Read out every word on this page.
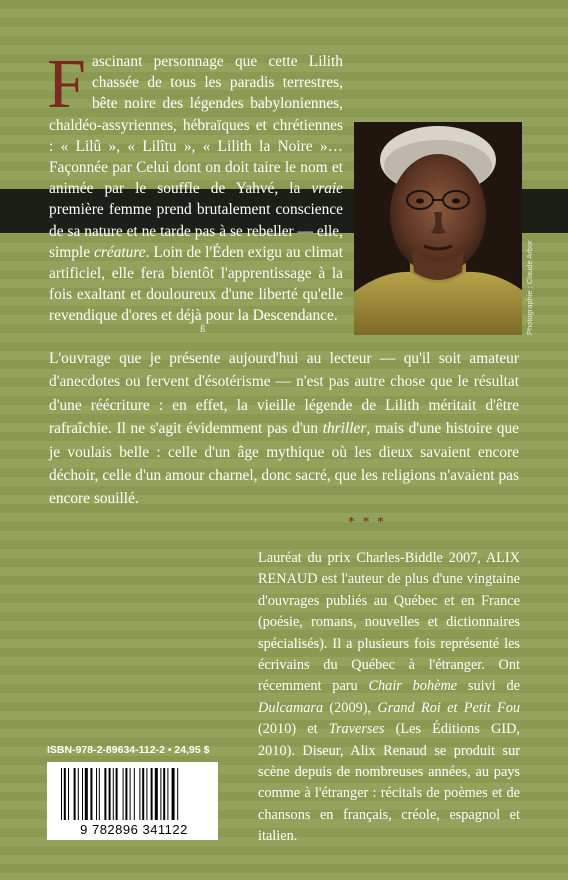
Fascinant personnage que cette Lilith chassée de tous les paradis terrestres, bête noire des légendes babyloniennes, chaldéo-assyriennes, hébraïques et chrétiennes : « Lilû », « Lilîtu », « Lilith la Noire »… Façonnée par Celui dont on doit taire le nom et animée par le souffle de Yahvé, la vraie première femme prend brutalement conscience de sa nature et ne tarde pas à se rebeller — elle, simple créature. Loin de l'Éden exigu au climat artificiel, elle fera bientôt l'apprentissage à la fois exaltant et douloureux d'une liberté qu'elle revendique d'ores et déjà pour la Descendance.	Photographie : Claude Arbor
ß
L'ouvrage que je présente aujourd'hui au lecteur — qu'il soit amateur d'anecdotes ou fervent d'ésotérisme — n'est pas autre chose que le résultat d'une réécriture : en effet, la vieille légende de Lilith méritait d'être rafraîchie. Il ne s'agit évidemment pas d'un thriller, mais d'une histoire que je voulais belle : celle d'un âge mythique où les dieux savaient encore déchoir, celle d'un amour charnel, donc sacré, que les religions n'avaient pas encore souillé.
* * *
Lauréat du prix Charles-Biddle 2007, ALIX RENAUD est l'auteur de plus d'une vingtaine d'ouvrages publiés au Québec et en France (poésie, romans, nouvelles et dictionnaires spécialisés). Il a plusieurs fois représenté les écrivains du Québec à l'étranger. Ont récemment paru Chair bohème suivi de Dulcamara (2009), Grand Roi et Petit Fou (2010) et Traverses (Les Éditions GID, 2010). Diseur, Alix Renaud se produit sur scène depuis de nombreuses années, au pays comme à l'étranger : récitals de poèmes et de chansons en français, créole, espagnol et italien.
ISBN-978-2-89634-112-2 • 24,95 $
9 782896 341122
